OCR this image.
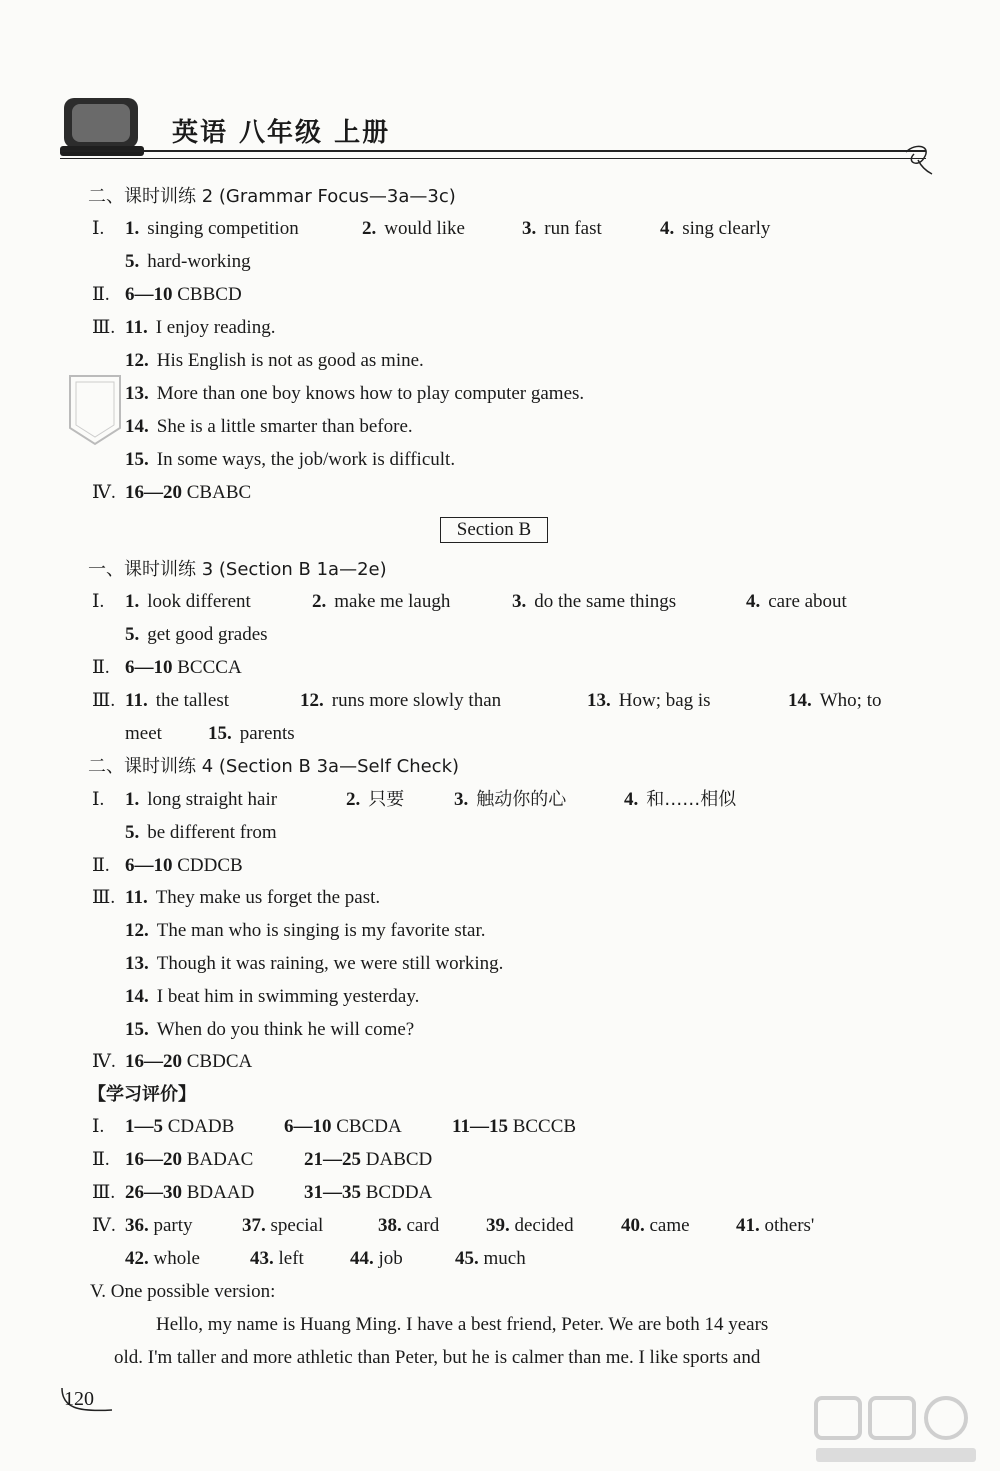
英语 八年级 上册
二、课时训练 2 (Grammar Focus—3a—3c)
Ⅰ. 1. singing competition	2. would like	3. run fast	4. sing clearly
5. hard-working
Ⅱ. 6—10 CBBCD
Ⅲ. 11. I enjoy reading.
12. His English is not as good as mine.
13. More than one boy knows how to play computer games.
14. She is a little smarter than before.
15. In some ways, the job/work is difficult.
Ⅳ. 16—20 CBABC
Section B
一、课时训练 3 (Section B 1a—2e)
Ⅰ. 1. look different	2. make me laugh	3. do the same things	4. care about
5. get good grades
Ⅱ. 6—10 BCCCA
Ⅲ. 11. the tallest	12. runs more slowly than	13. How; bag is	14. Who; to
meet 15. parents
二、课时训练 4 (Section B 3a—Self Check)
Ⅰ. 1. long straight hair	2. 只要	3. 触动你的心	4. 和……相似
5. be different from
Ⅱ. 6—10 CDDCB
Ⅲ. 11. They make us forget the past.
12. The man who is singing is my favorite star.
13. Though it was raining, we were still working.
14. I beat him in swimming yesterday.
15. When do you think he will come?
Ⅳ. 16—20 CBDCA
【学习评价】
Ⅰ. 1—5 CDADB	6—10 CBCDA	11—15 BCCCB
Ⅱ. 16—20 BADAC	21—25 DABCD
Ⅲ. 26—30 BDAAD	31—35 BCDDA
Ⅳ. 36. party	37. special	38. card 39. decided 40. came 41. others'
42. whole	43. left 44. job	45. much
V. One possible version:
Hello, my name is Huang Ming. I have a best friend, Peter. We are both 14 years
old. I'm taller and more athletic than Peter, but he is calmer than me. I like sports and
120
